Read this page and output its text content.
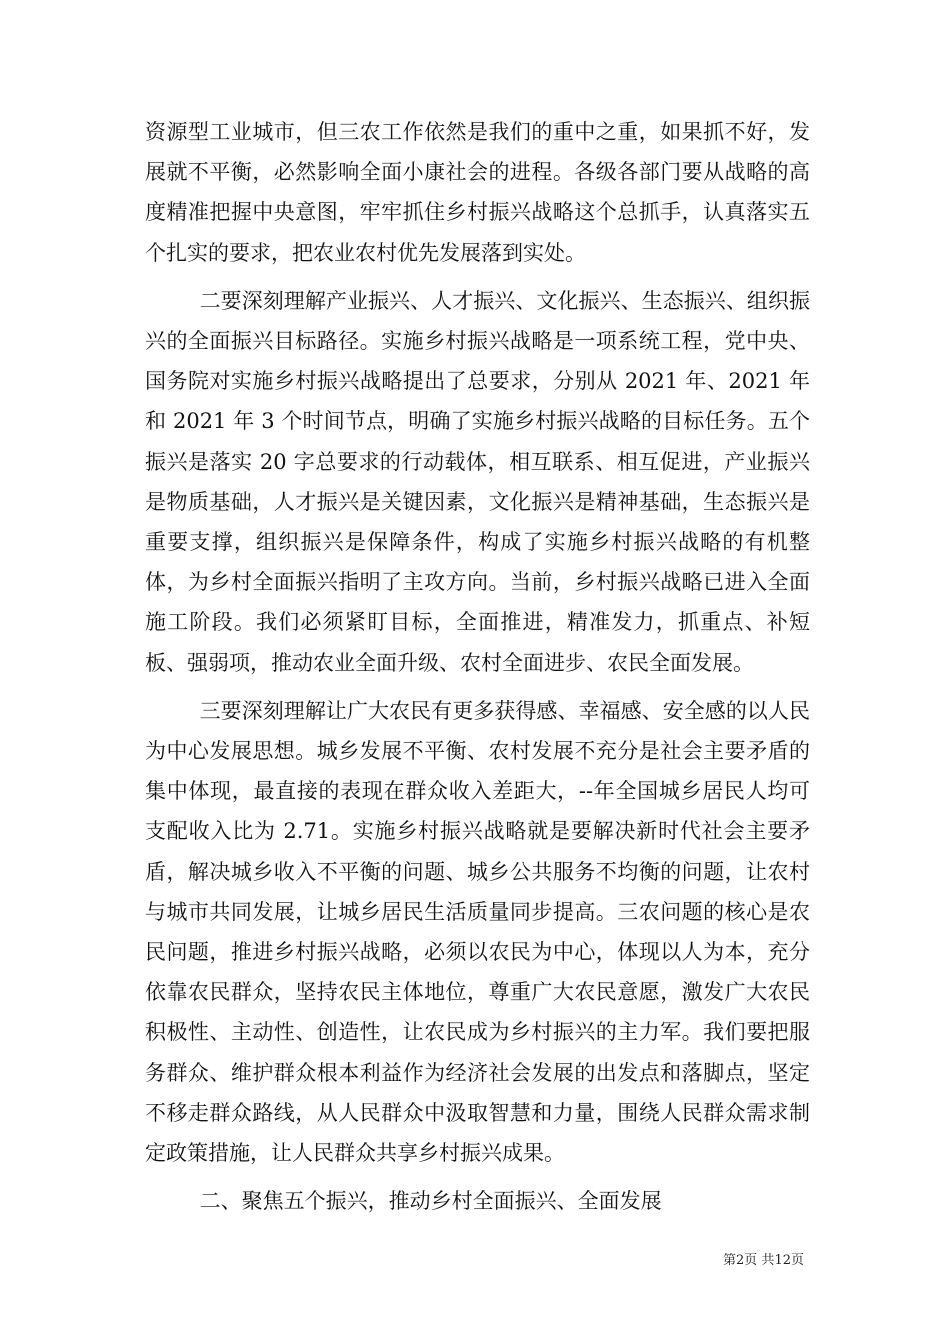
资源型工业城市，但三农工作依然是我们的重中之重，如果抓不好，发展就不平衡，必然影响全面小康社会的进程。各级各部门要从战略的高度精准把握中央意图，牢牢抓住乡村振兴战略这个总抓手，认真落实五个扎实的要求，把农业农村优先发展落到实处。

二要深刻理解产业振兴、人才振兴、文化振兴、生态振兴、组织振兴的全面振兴目标路径。实施乡村振兴战略是一项系统工程，党中央、国务院对实施乡村振兴战略提出了总要求，分别从 2021 年、2021 年和 2021 年 3 个时间节点，明确了实施乡村振兴战略的目标任务。五个振兴是落实 20 字总要求的行动载体，相互联系、相互促进，产业振兴是物质基础，人才振兴是关键因素，文化振兴是精神基础，生态振兴是重要支撑，组织振兴是保障条件，构成了实施乡村振兴战略的有机整体，为乡村全面振兴指明了主攻方向。当前，乡村振兴战略已进入全面施工阶段。我们必须紧盯目标，全面推进，精准发力，抓重点、补短板、强弱项，推动农业全面升级、农村全面进步、农民全面发展。

三要深刻理解让广大农民有更多获得感、幸福感、安全感的以人民为中心发展思想。城乡发展不平衡、农村发展不充分是社会主要矛盾的集中体现，最直接的表现在群众收入差距大，--年全国城乡居民人均可支配收入比为 2.71。实施乡村振兴战略就是要解决新时代社会主要矛盾，解决城乡收入不平衡的问题、城乡公共服务不均衡的问题，让农村与城市共同发展，让城乡居民生活质量同步提高。三农问题的核心是农民问题，推进乡村振兴战略，必须以农民为中心，体现以人为本，充分依靠农民群众，坚持农民主体地位，尊重广大农民意愿，激发广大农民积极性、主动性、创造性，让农民成为乡村振兴的主力军。我们要把服务群众、维护群众根本利益作为经济社会发展的出发点和落脚点，坚定不移走群众路线，从人民群众中汲取智慧和力量，围绕人民群众需求制定政策措施，让人民群众共享乡村振兴成果。

二、聚焦五个振兴，推动乡村全面振兴、全面发展

第2页 共12页
